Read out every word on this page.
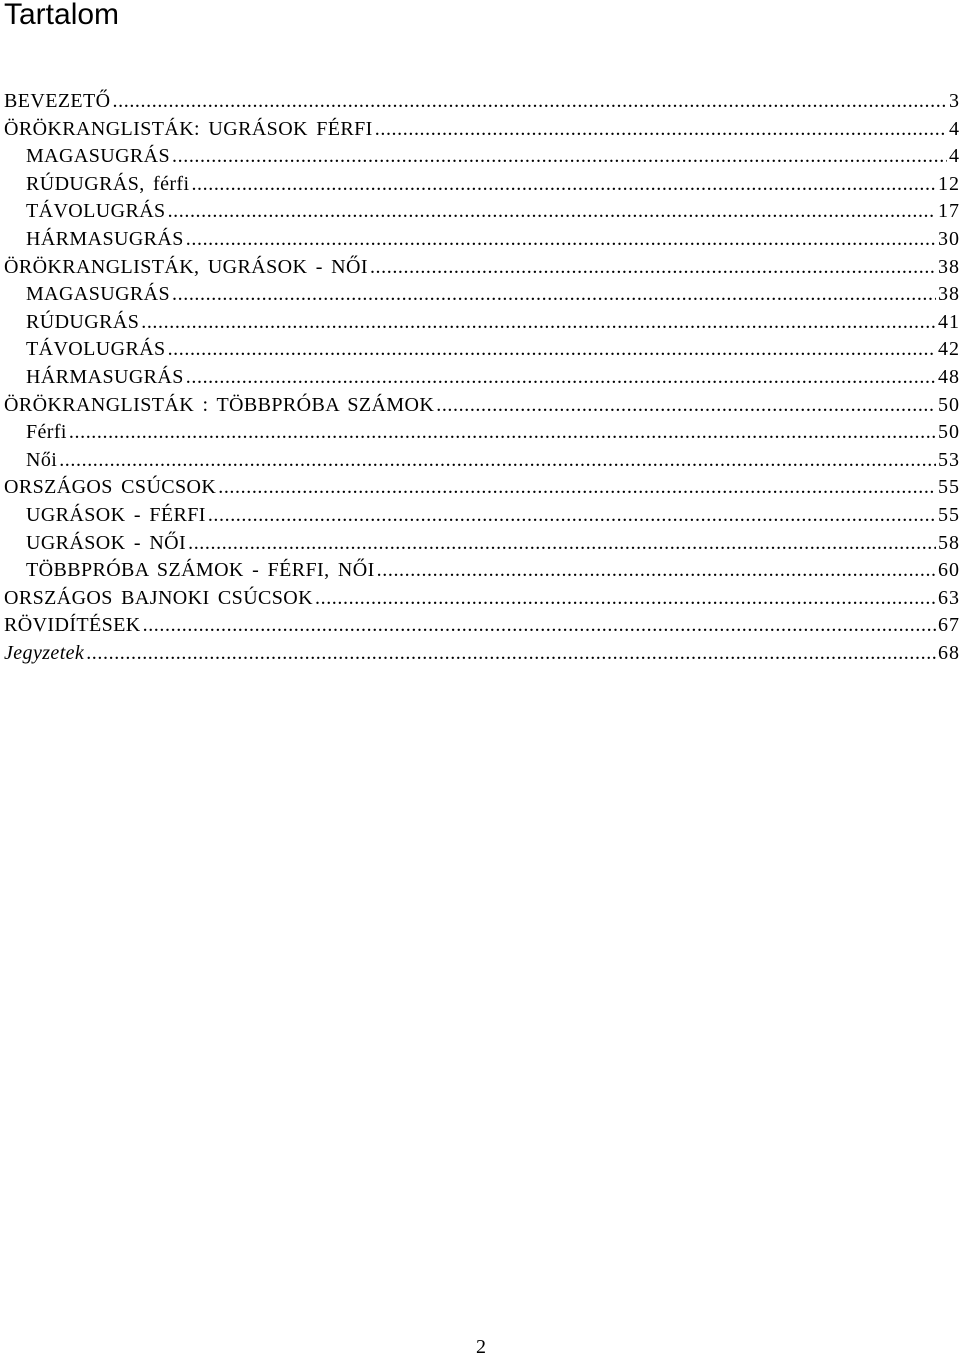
Tartalom
BEVEZETŐ .....	3
ÖRÖKRANGLISTÁK: UGRÁSOK FÉRFI .....	4
MAGASUGRÁS .....	4
RÚDUGRÁS, férfi .....	12
TÁVOLUGRÁS .....	17
HÁRMASUGRÁS .....	30
ÖRÖKRANGLISTÁK, UGRÁSOK - NŐI .....	38
MAGASUGRÁS .....	38
RÚDUGRÁS .....	41
TÁVOLUGRÁS .....	42
HÁRMASUGRÁS .....	48
ÖRÖKRANGLISTÁK : TÖBBPRÓBA SZÁMOK .....	50
Férfi .....	50
Női .....	53
ORSZÁGOS CSÚCSOK .....	55
UGRÁSOK - FÉRFI .....	55
UGRÁSOK - NŐI .....	58
TÖBBPRÓBA SZÁMOK - FÉRFI, NŐI .....	60
ORSZÁGOS BAJNOKI CSÚCSOK .....	63
RÖVIDÍTÉSEK .....	67
Jegyzetek .....	68
2
